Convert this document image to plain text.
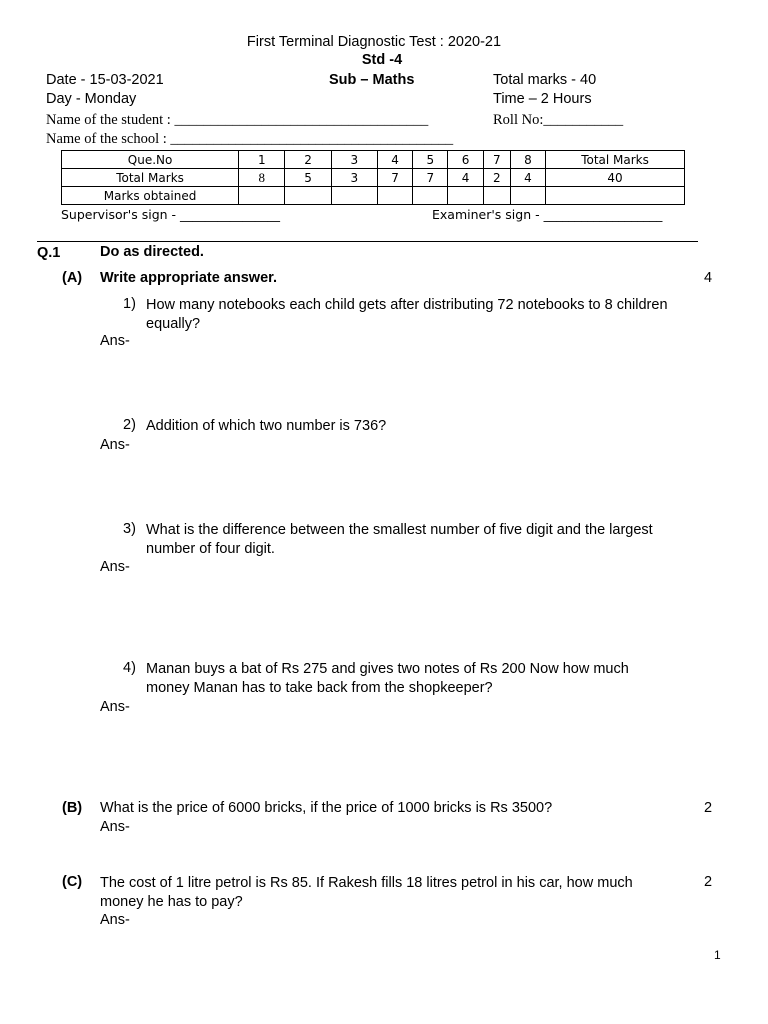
First Terminal Diagnostic Test : 2020-21
Std -4
Date - 15-03-2021	Sub – Maths	Total marks - 40
Day - Monday	Time – 2 Hours
Name of the student : ___________________________________	Roll No:___________
Name of the school : _______________________________________
Que.No	1	2	3	4	5	6	7	8	Total Marks
Total Marks	8	5	3	7	7	4	2	4	40
Marks obtained									
Supervisor's sign - ________________	Examiner's sign - ___________________
Q.1	Do as directed.
(A) Write appropriate answer.	4
1) How many notebooks each child gets after distributing 72 notebooks to 8 children equally?
Ans-
2) Addition of which two number is 736?
Ans-
3) What is the difference between the smallest number of five digit and the largest number of four digit.
Ans-
4) Manan buys a bat of Rs 275 and gives two notes of Rs 200 Now how much money Manan has to take back from the shopkeeper?
Ans-
(B) What is the price of 6000 bricks, if the price of 1000 bricks is Rs 3500?	2
Ans-
(C) The cost of 1 litre petrol is Rs 85. If Rakesh fills 18 litres petrol in his car, how much money he has to pay?
2
Ans-
1
